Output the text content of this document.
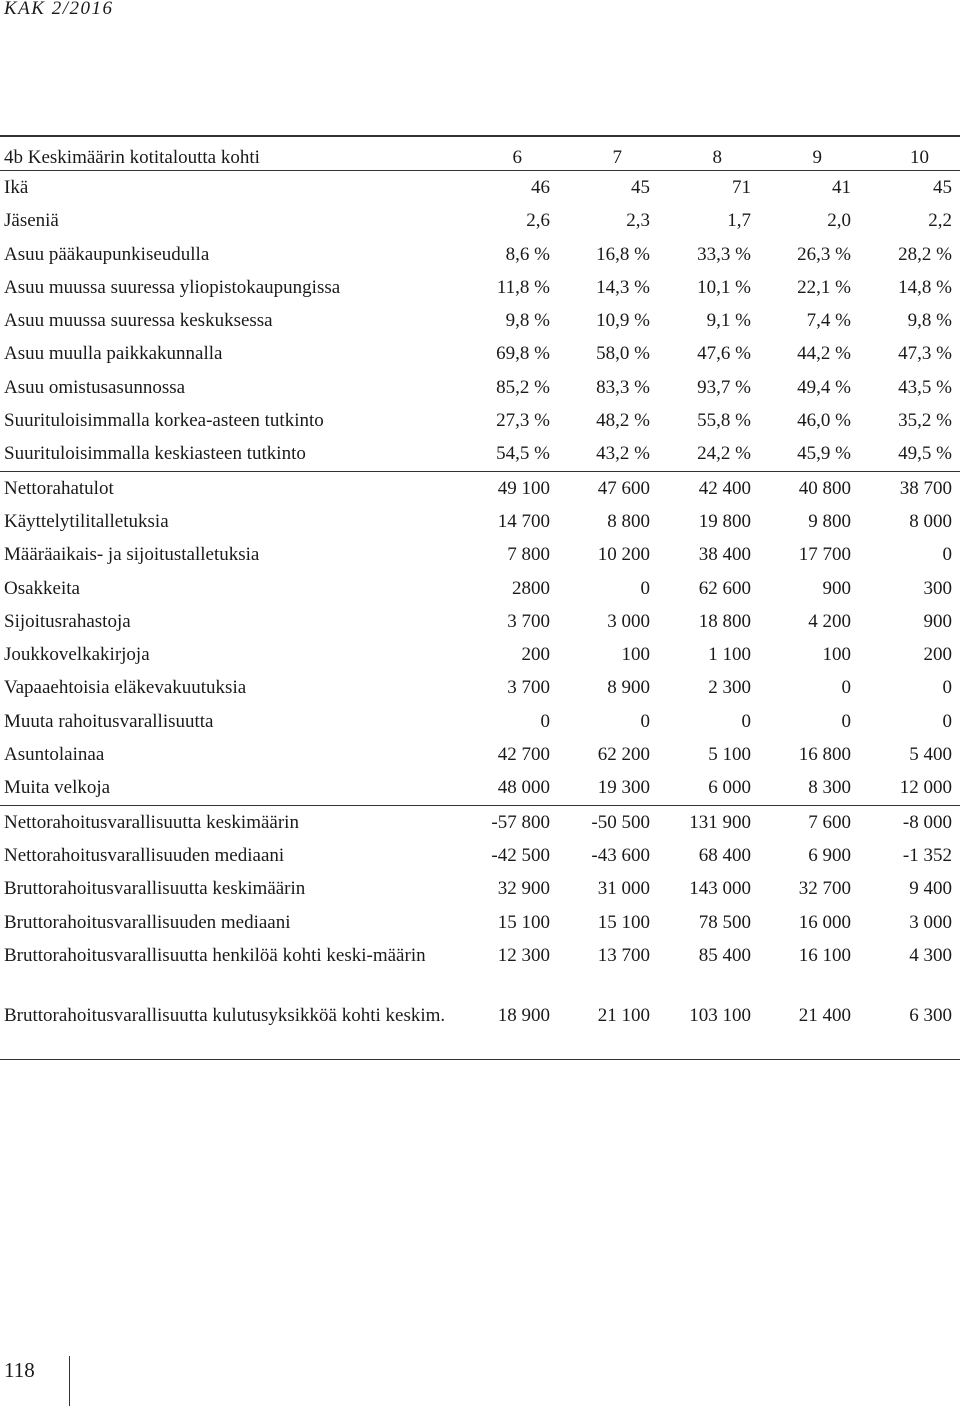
KAK 2/2016
4b Keskimäärin kotitaloutta kohti	6	7	8	9	10
Ikä	46	45	71	41	45
Jäseniä	2,6	2,3	1,7	2,0	2,2
Asuu pääkaupunkiseudulla	8,6 %	16,8 %	33,3 %	26,3 %	28,2 %
Asuu muussa suuressa yliopistokaupungissa	11,8 %	14,3 %	10,1 %	22,1 %	14,8 %
Asuu muussa suuressa keskuksessa	9,8 %	10,9 %	9,1 %	7,4 %	9,8 %
Asuu muulla paikkakunnalla	69,8 %	58,0 %	47,6 %	44,2 %	47,3 %
Asuu omistusasunnossa	85,2 %	83,3 %	93,7 %	49,4 %	43,5 %
Suurituloisimmalla korkea-asteen tutkinto	27,3 %	48,2 %	55,8 %	46,0 %	35,2 %
Suurituloisimmalla keskiasteen tutkinto	54,5 %	43,2 %	24,2 %	45,9 %	49,5 %
Nettorahatulot	49 100	47 600	42 400	40 800	38 700
Käyttelytilitalletuksia	14 700	8 800	19 800	9 800	8 000
Määräaikais- ja sijoitustalletuksia	7 800	10 200	38 400	17 700	0
Osakkeita	2800	0	62 600	900	300
Sijoitusrahastoja	3 700	3 000	18 800	4 200	900
Joukkovelkakirjoja	200	100	1 100	100	200
Vapaaehtoisia eläkevakuutuksia	3 700	8 900	2 300	0	0
Muuta rahoitusvarallisuutta	0	0	0	0	0
Asuntolainaa	42 700	62 200	5 100	16 800	5 400
Muita velkoja	48 000	19 300	6 000	8 300	12 000
Nettorahoitusvarallisuutta keskimäärin	-57 800	-50 500	131 900	7 600	-8 000
Nettorahoitusvarallisuuden mediaani	-42 500	-43 600	68 400	6 900	-1 352
Bruttorahoitusvarallisuutta keskimäärin	32 900	31 000	143 000	32 700	9 400
Bruttorahoitusvarallisuuden mediaani	15 100	15 100	78 500	16 000	3 000
Bruttorahoitusvarallisuutta henkilöä kohti keski-määrin	12 300	13 700	85 400	16 100	4 300
Bruttorahoitusvarallisuutta kulutusyksikköä kohti keskim.	18 900	21 100	103 100	21 400	6 300
118
